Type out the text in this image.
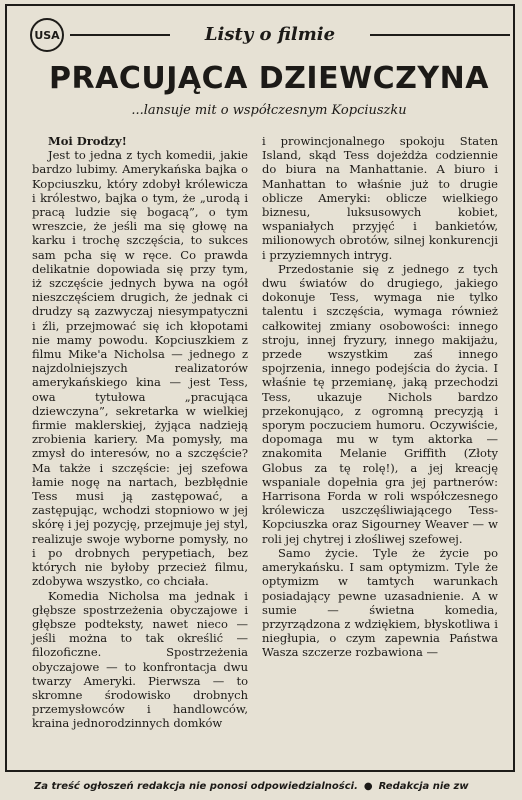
USA	Listy o filmie
PRACUJĄCA DZIEWCZYNA
...lansuje mit o współczesnym Kopciuszku

Moi Drodzy!

Jest to jedna z tych komedii, jakie bardzo lubimy. Amerykańska bajka o Kopciuszku, który zdobył królewicza i królestwo, bajka o tym, że „urodą i pracą ludzie się bogacą”, o tym wreszcie, że jeśli ma się głowę na karku i trochę szczęścia, to sukces sam pcha się w ręce. Co prawda delikatnie dopowiada się przy tym, iż szczęście jednych bywa na ogół nieszczęściem drugich, że jednak ci drudzy są zazwyczaj niesympatyczni i źli, przejmować się ich kłopotami nie mamy powodu. Kopciuszkiem z filmu Mike'a Nicholsa — jednego z najzdolniejszych realizatorów amerykańskiego kina — jest Tess, owa tytułowa „pracująca dziewczyna”, sekretarka w wielkiej firmie maklerskiej, żyjąca nadzieją zrobienia kariery. Ma pomysły, ma zmysł do interesów, no a szczęście? Ma także i szczęście: jej szefowa łamie nogę na nartach, bezbłędnie Tess musi ją zastępować, a zastępując, wchodzi stopniowo w jej skórę i jej pozycję, przejmuje jej styl, realizuje swoje wyborne pomysły, no i po drobnych perypetiach, bez których nie byłoby przecież filmu, zdobywa wszystko, co chciała.

Komedia Nicholsa ma jednak i głębsze spostrzeżenia obyczajowe i głębsze podteksty, nawet nieco — jeśli można to tak określić — filozoficzne. Spostrzeżenia obyczajowe — to konfrontacja dwu twarzy Ameryki. Pierwsza — to skromne środowisko drobnych przemysłowców i handlowców, kraina jednorodzinnych domków

i prowincjonalnego spokoju Staten Island, skąd Tess dojeżdża codziennie do biura na Manhattanie. A biuro i Manhattan to właśnie już to drugie oblicze Ameryki: oblicze wielkiego biznesu, luksusowych kobiet, wspaniałych przyjęć i bankietów, milionowych obrotów, silnej konkurencji i przyziemnych intryg.

Przedostanie się z jednego z tych dwu światów do drugiego, jakiego dokonuje Tess, wymaga nie tylko talentu i szczęścia, wymaga również całkowitej zmiany osobowości: innego stroju, innej fryzury, innego makijażu, przede wszystkim zaś innego spojrzenia, innego podejścia do życia. I właśnie tę przemianę, jaką przechodzi Tess, ukazuje Nichols bardzo przekonująco, z ogromną precyzją i sporym poczuciem humoru. Oczywiście, dopomaga mu w tym aktorka — znakomita Melanie Griffith (Złoty Globus za tę rolę!), a jej kreację wspaniale dopełnia gra jej partnerów: Harrisona Forda w roli współczesnego królewicza uszczęśliwiającego Tess-Kopciuszka oraz Sigourney Weaver — w roli jej chytrej i złośliwej szefowej.

Samo życie. Tyle że życie po amerykańsku. I sam optymizm. Tyle że optymizm w tamtych warunkach posiadający pewne uzasadnienie. A w sumie — świetna komedia, przyrządzona z wdziękiem, błyskotliwa i niegłupia, o czym zapewnia Państwa Wasza szczerze rozbawiona —

Za treść ogłoszeń redakcja nie ponosi odpowiedzialności. ● Redakcja nie zw
